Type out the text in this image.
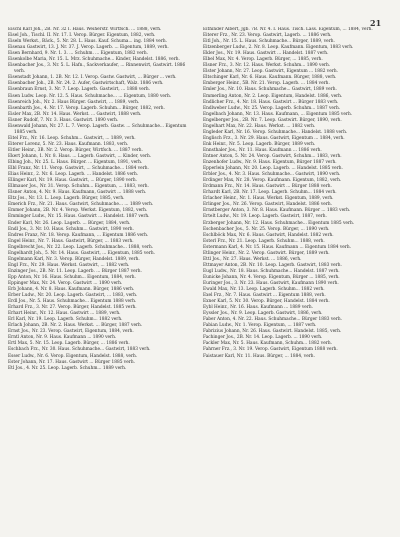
21

Eischl Karl Joh., 2B. Nr. 32 I. Haus. Weiherstr. Wirtfsch. ... 1888, verh.

Eisel Joh., Tischl. II. Nr. 17. I. Verop. Bürger. Eigentum, 1882, verh.

Eiseln Werkst., Bäck., 5. Nr. 28. L. Haus. Kauf. Schuma... ing. 1884 verh.

Eisenau Gastwirt, 13. J. Nr. 37. J. Verop. Lagerb. ... Eigentum, 1889, verh.

Eisen Bernhard, 9. Nr. 1. 3. ... Schuhm. ... Eigentum, 1882 verh.

Eisenkolbe Maria, Nr. 15. L. Mrz. Schuhmache... Kinder, Handelst. 1886, verh.

Eisenbacher Jos., 3. Nr. 5. L. Hafn., Sackverkaufer, ... Rinnenwirt, Gastwirt. 1886 verh.

Eisenstadt Johann, 1. 2B. Nr. 12. I. Verop. Gastw. Gastwirt, ... Bürger ... verh.

Eisenbacher Joh., 2B. Nr. 24. 2. Aufer, Gastwirtschaft, Walz. 1886 verh.

Eisenbraun Ernst, 3. Nr. 7. Leop. Lagerb. Gastwirt, ... 1888 verh.

Eisen Ludw. Leop. Nr. 12. 5. Haus. Schuhmache... ... Eigentum, 1880 verh.

Eisenreich Joh., Nr. 2. Haus Bürger. Gastwirt, ... 1889, verh.

Eisenbarth Jos., 4. Nr. 17. Verop. Lagerb. Schuhm... Bürger, 1882, verh.

Eisler Max, 2B. Nr. 14. Haus. Werkst. ... Gastwirt, 1888 verh.

Eisner Rudolf, 7. Nr. 3. Haus. Gastwirt. 1890 verh.

Eisenwald Johann, Nr. 27. L. 7. Verop. Lagerb. Gastw. ... Schuhmache... Eigentum 1885 verh.

Eitel Frz., Nr. 16. Leop. Schuhm... Gastwirt, ... 1889, verh.

Eiterer Lorenz, 5. Nr. 23. Haus. Kaufmann. 1883, verh.

Eitler Heinr., 3B. Nr. 2. Verop. Bürger, Wirtfsch. ... 1887 verh.

Ekert Johann, 1. Nr. 8. Haus. ... Lagerb. Gastwirt, ... Kinder, verh.

Elbing Joh., Nr. 25. L. Haus. Bürger. ... Eigentum, 1891, verh.

Elbl Franz, Nr. 11. Verop. Gastwirt, ... Schuhmache... 1884 verh.

Elias Heinr., 2. Nr. 6. Leop. Lagerb. ... Handelst. 1886 verh.

Ellinger Karl, Nr. 19. Haus. Gastwirt, ... Bürger, 1890 verh.

Ellmauer Jos., Nr. 31. Verop. Schuhm... Eigentum, ... 1883, verh.

Elsner Anton, 4. Nr. 9. Haus. Kaufmann, Gastwirt ... 1888 verh.

Eltz Jos., Nr. 13. L. Leop. Lagerb. Bürger, 1885, verh.

Emerich Frz., Nr. 21. Haus. Gastwirt, Schuhmache... ... 1889 verh.

Emmer Johann, 2B. Nr. 4. Verop. Werkst. Eigentum, 1882, verh.

Emminger Ludw., Nr. 15. Haus. Gastwirt ... Handelst. 1887 verh.

Ender Karl, Nr. 26. Leop. Lagerb. ... Bürger, 1884, verh.

Endl Jos., 3. Nr. 10. Haus. Schuhm... Gastwirt, 1890 verh.

Endres Franz, Nr. 18. Verop. Kaufmann, ... Eigentum 1886 verh.

Engel Heinr., Nr. 7. Haus. Gastwirt, Bürger, ... 1883 verh.

Engelbrecht Jos., Nr. 22. Leop. Lagerb. Schuhmache... 1888, verh.

Engelhardt Joh., 5. Nr. 14. Haus. Gastwirt, ... Eigentum, 1885 verh.

Engelmann Karl, Nr. 3. Verop. Bürger, Handelst. 1889, verh.

Engl Frz., Nr. 29. Haus. Werkst. Gastwirt, ... 1882 verh.

Enzinger Jos., 2B. Nr. 11. Leop. Lagerb. ... Bürger 1887 verh.

Epp Anton, Nr. 16. Haus. Schuhm... Eigentum, 1884, verh.

Eppinger Max, Nr. 24. Verop. Gastwirt ... 1890 verh.

Erb Johann, 4. Nr. 8. Haus. Kaufmann. Bürger, 1886 verh.

Erber Ludw., Nr. 20. Leop. Lagerb. Gastwirt, ... 1883, verh.

Erdl Jos., Nr. 5. Haus. Schuhmache... Eigentum 1888 verh.

Erhard Frz., 3. Nr. 27. Verop. Bürger, Handelst. 1885 verh.

Erhart Heinr., Nr. 12. Haus. Gastwirt ... 1889, verh.

Erl Karl, Nr. 19. Leop. Lagerb. Schuhm... 1882 verh.

Erlach Johann, 2B. Nr. 2. Haus. Werkst. ... Bürger, 1887 verh.

Ernst Jos., Nr. 23. Verop. Gastwirt, Eigentum, 1884, verh.

Erntl Anton, Nr. 9. Haus. Kaufmann ... 1890 verh.

Ertl Max, 5. Nr. 15. Leop. Lagerb. Bürger, ... 1886 verh.

Eschbach Frz., Nr. 30. Haus. Schuhmache... Gastwirt, 1883 verh.

Esser Ludw., Nr. 6. Verop. Eigentum, Handelst. 1888, verh.

Ester Johann, Nr. 17. Haus. Gastwirt ... Bürger 1885 verh.

Etl Jos., 4. Nr. 25. Leop. Lagerb. Schuhm... 1889 verh.

Eithinder Albert, Jgb. 7B. Nr. 4. I. Haus. Tisch. Lass. Eigentum, ... 1884, verh.

Eiterer Frz., Nr. 23. Verop. Gastwirt, Lagerb. ... 1886 verh.

Eitl Joh., Nr. 15. L. Haus. Schuhmache... Bürger, 1889, verh.

Eitzenberger Ludw., 2. Nr. 8. Leop. Kaufmann. Eigentum, 1883 verh.

Ekler Jos., Nr. 19. Haus. Gastwirt ... Handelst. 1887 verh.

Elbel Max, Nr. 4. Verop. Lagerb. Bürger, ... 1885, verh.

Elsner Frz., 3. Nr. 12. Haus. Werkst. Schuhm... 1890 verh.

Elster Johann, Nr. 27. Leop. Gastwirt, Eigentum ... 1882 verh.

Eltschinger Karl, Nr. 6. Haus. Kaufmann. Bürger, 1888, verh.

Emberger Heinr., 5B. Nr. 21. Verop. Lagerb. ... 1884 verh.

Emler Jos., Nr. 10. Haus. Schuhmache... Gastwirt, 1889 verh.

Emmerling Anton, Nr. 2. Leop. Eigentum, Handelst. 1886, verh.

Endlicher Frz., 4. Nr. 18. Haus. Gastwirt ... Bürger 1883 verh.

Endlweber Ludw., Nr. 25. Verop. Lagerb. Schuhm... 1887 verh.

Engelbach Johann, Nr. 13. Haus. Kaufmann, ... Eigentum 1885 verh.

Engelberger Jos., 2B. Nr. 7. Leop. Gastwirt. Bürger, 1890, verh.

Engelhart Max, Nr. 22. Haus. Werkst. ... 1882 verh.

Engleder Karl, Nr. 16. Verop. Schuhmache... Handelst. 1888 verh.

Englisch Frz., 3. Nr. 29. Haus. Gastwirt, Eigentum ... 1884, verh.

Enk Heinr., Nr. 5. Leop. Lagerb. Bürger, 1889 verh.

Ennsthaler Jos., Nr. 11. Haus. Kaufmann ... 1886 verh.

Entner Anton, 5. Nr. 24. Verop. Gastwirt, Schuhm... 1883, verh.

Enzenhofer Ludw., Nr. 9. Haus. Eigentum, Bürger 1887 verh.

Epperlein Johann, Nr. 20. Leop. Lagerb. ... Handelst. 1885 verh.

Erbler Jos., 4. Nr. 3. Haus. Schuhmache... Gastwirt, 1890 verh.

Erdinger Max, Nr. 28. Verop. Kaufmann. Eigentum, 1882, verh.

Erdmann Frz., Nr. 14. Haus. Gastwirt ... Bürger 1888 verh.

Erhardt Karl, 2B. Nr. 17. Leop. Lagerb. Schuhm... 1884 verh.

Erlacher Heinr., Nr. 1. Haus. Werkst. Eigentum, 1889, verh.

Erlinger Jos., Nr. 26. Verop. Gastwirt, Handelst. 1886 verh.

Ernstberger Anton, 3. Nr. 8. Haus. Kaufmann. Bürger ... 1883 verh.

Ertelt Ludw., Nr. 19. Leop. Lagerb. Gastwirt, 1887, verh.

Erzberger Johann, Nr. 12. Haus. Schuhmache... Eigentum 1885 verh.

Eschenbacher Jos., 5. Nr. 25. Verop. Bürger, ... 1890 verh.

Eschlböck Max, Nr. 6. Haus. Gastwirt, Handelst. 1882 verh.

Esterl Frz., Nr. 21. Leop. Lagerb. Schuhm... 1888, verh.

Estermann Karl, 4. Nr. 15. Haus. Kaufmann ... Eigentum 1884 verh.

Etlinger Heinr., Nr. 2. Verop. Gastwirt. Bürger, 1889 verh.

Ettl Jos., Nr. 27. Haus. Werkst. ... 1886, verh.

Ettmayer Anton, 2B. Nr. 10. Leop. Lagerb. Gastwirt, 1883 verh.

Eugl Ludw., Nr. 18. Haus. Schuhmache... Handelst. 1887 verh.

Eunicke Johann, Nr. 4. Verop. Eigentum, Bürger ... 1885, verh.

Euringer Jos., 3. Nr. 23. Haus. Gastwirt, Kaufmann 1890 verh.

Ewald Max, Nr. 13. Leop. Lagerb. Schuhm... 1882 verh.

Exel Frz., Nr. 7. Haus. Gastwirt ... Eigentum 1888, verh.

Exner Karl, 5. Nr. 30. Verop. Bürger, Handelst. 1884 verh.

Eybl Heinr., Nr. 16. Haus. Kaufmann ... 1889 verh.

Eyssler Jos., Nr. 9. Leop. Lagerb. Gastwirt, 1886, verh.

Faber Anton, 4. Nr. 22. Haus. Schuhmache... Bürger 1883 verh.

Fabian Ludw., Nr. 1. Verop. Eigentum, ... 1887 verh.

Fabrizius Johann, Nr. 26. Haus. Gastwirt. Handelst. 1885, verh.

Fachinger Jos., 2B. Nr. 14. Leop. Lagerb. ... 1890 verh.

Fackler Max, Nr. 5. Haus. Kaufmann, Schuhm... 1882 verh.

Fahrner Frz., 3. Nr. 19. Verop. Gastwirt, Eigentum 1888 verh.

Faistauer Karl, Nr. 11. Haus. Bürger, ... 1884, verh.
